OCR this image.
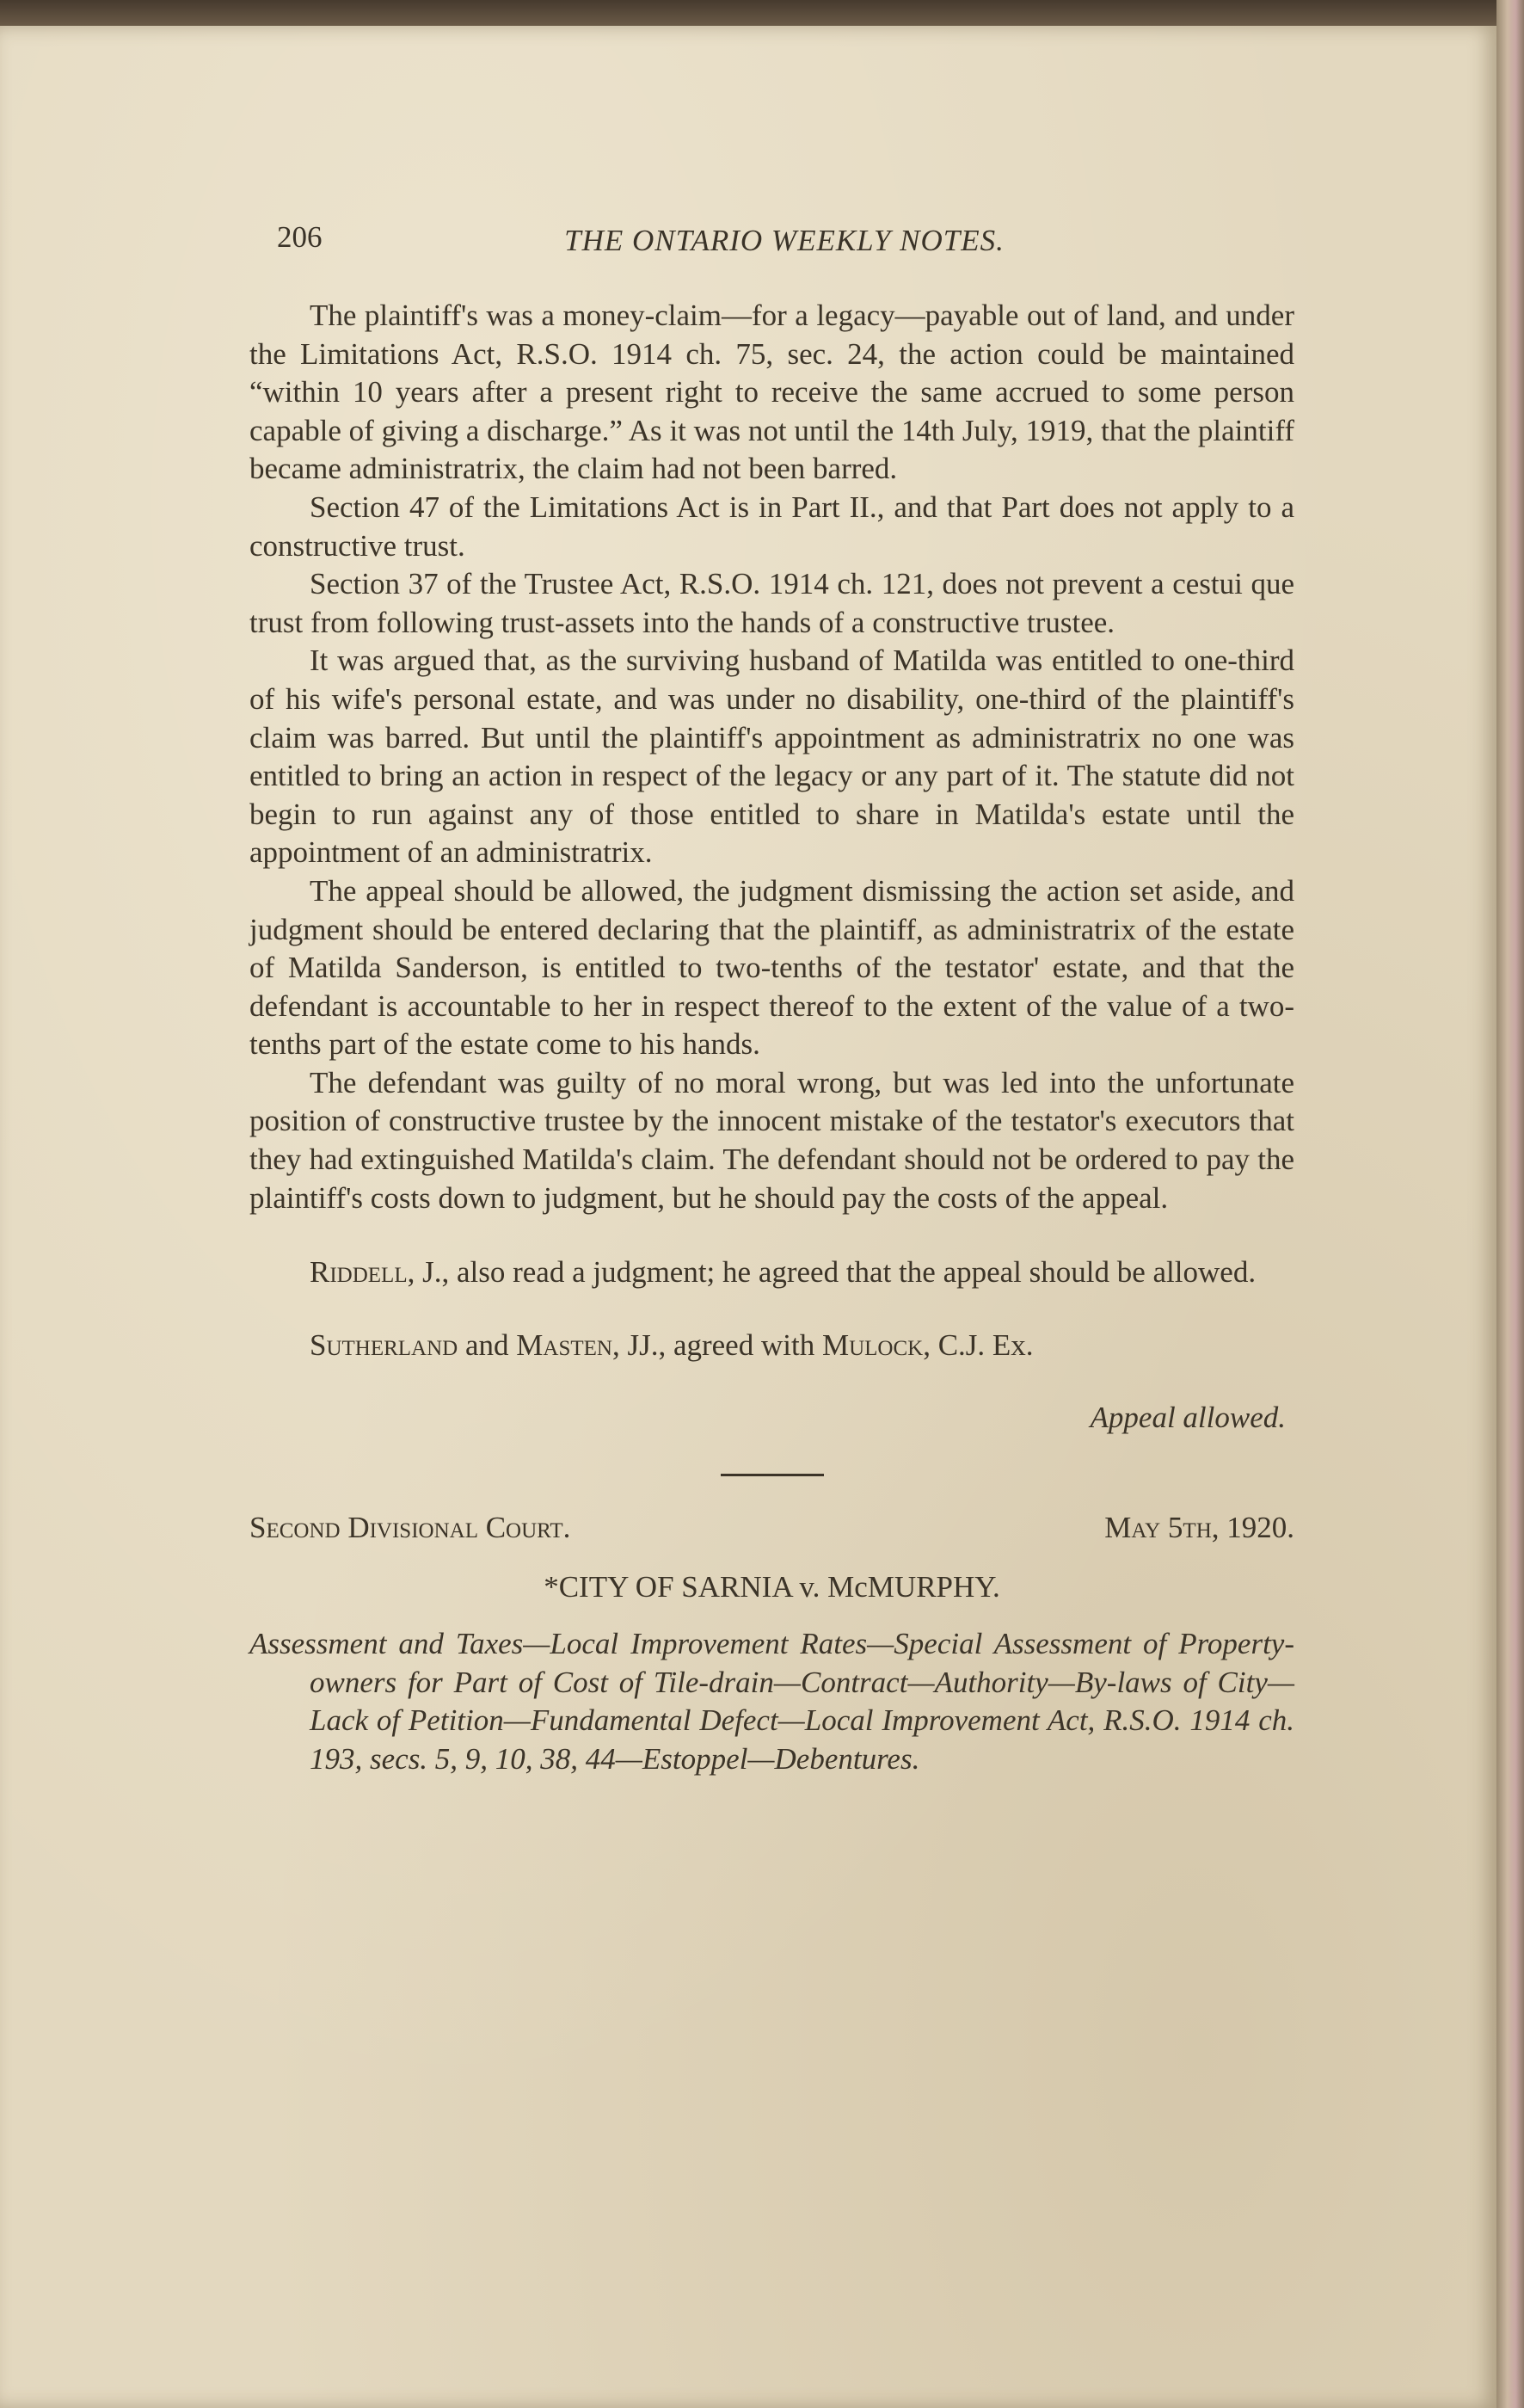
206	THE ONTARIO WEEKLY NOTES.

The plaintiff's was a money-claim—for a legacy—payable out of land, and under the Limitations Act, R.S.O. 1914 ch. 75, sec. 24, the action could be maintained “within 10 years after a present right to receive the same accrued to some person capable of giving a discharge.” As it was not until the 14th July, 1919, that the plaintiff became administratrix, the claim had not been barred.

Section 47 of the Limitations Act is in Part II., and that Part does not apply to a constructive trust.

Section 37 of the Trustee Act, R.S.O. 1914 ch. 121, does not prevent a cestui que trust from following trust-assets into the hands of a constructive trustee.

It was argued that, as the surviving husband of Matilda was entitled to one-third of his wife's personal estate, and was under no disability, one-third of the plaintiff's claim was barred. But until the plaintiff's appointment as administratrix no one was entitled to bring an action in respect of the legacy or any part of it. The statute did not begin to run against any of those entitled to share in Matilda's estate until the appointment of an administratrix.

The appeal should be allowed, the judgment dismissing the action set aside, and judgment should be entered declaring that the plaintiff, as administratrix of the estate of Matilda Sanderson, is entitled to two-tenths of the testator' estate, and that the defendant is accountable to her in respect thereof to the extent of the value of a two-tenths part of the estate come to his hands.

The defendant was guilty of no moral wrong, but was led into the unfortunate position of constructive trustee by the innocent mistake of the testator's executors that they had extinguished Matilda's claim. The defendant should not be ordered to pay the plaintiff's costs down to judgment, but he should pay the costs of the appeal.

Riddell, J., also read a judgment; he agreed that the appeal should be allowed.

Sutherland and Masten, JJ., agreed with Mulock, C.J. Ex.

Appeal allowed.

Second Divisional Court.	May 5th, 1920.
*CITY OF SARNIA v. McMURPHY.

Assessment and Taxes—Local Improvement Rates—Special Assessment of Property-owners for Part of Cost of Tile-drain—Contract—Authority—By-laws of City—Lack of Petition—Fundamental Defect—Local Improvement Act, R.S.O. 1914 ch. 193, secs. 5, 9, 10, 38, 44—Estoppel—Debentures.
